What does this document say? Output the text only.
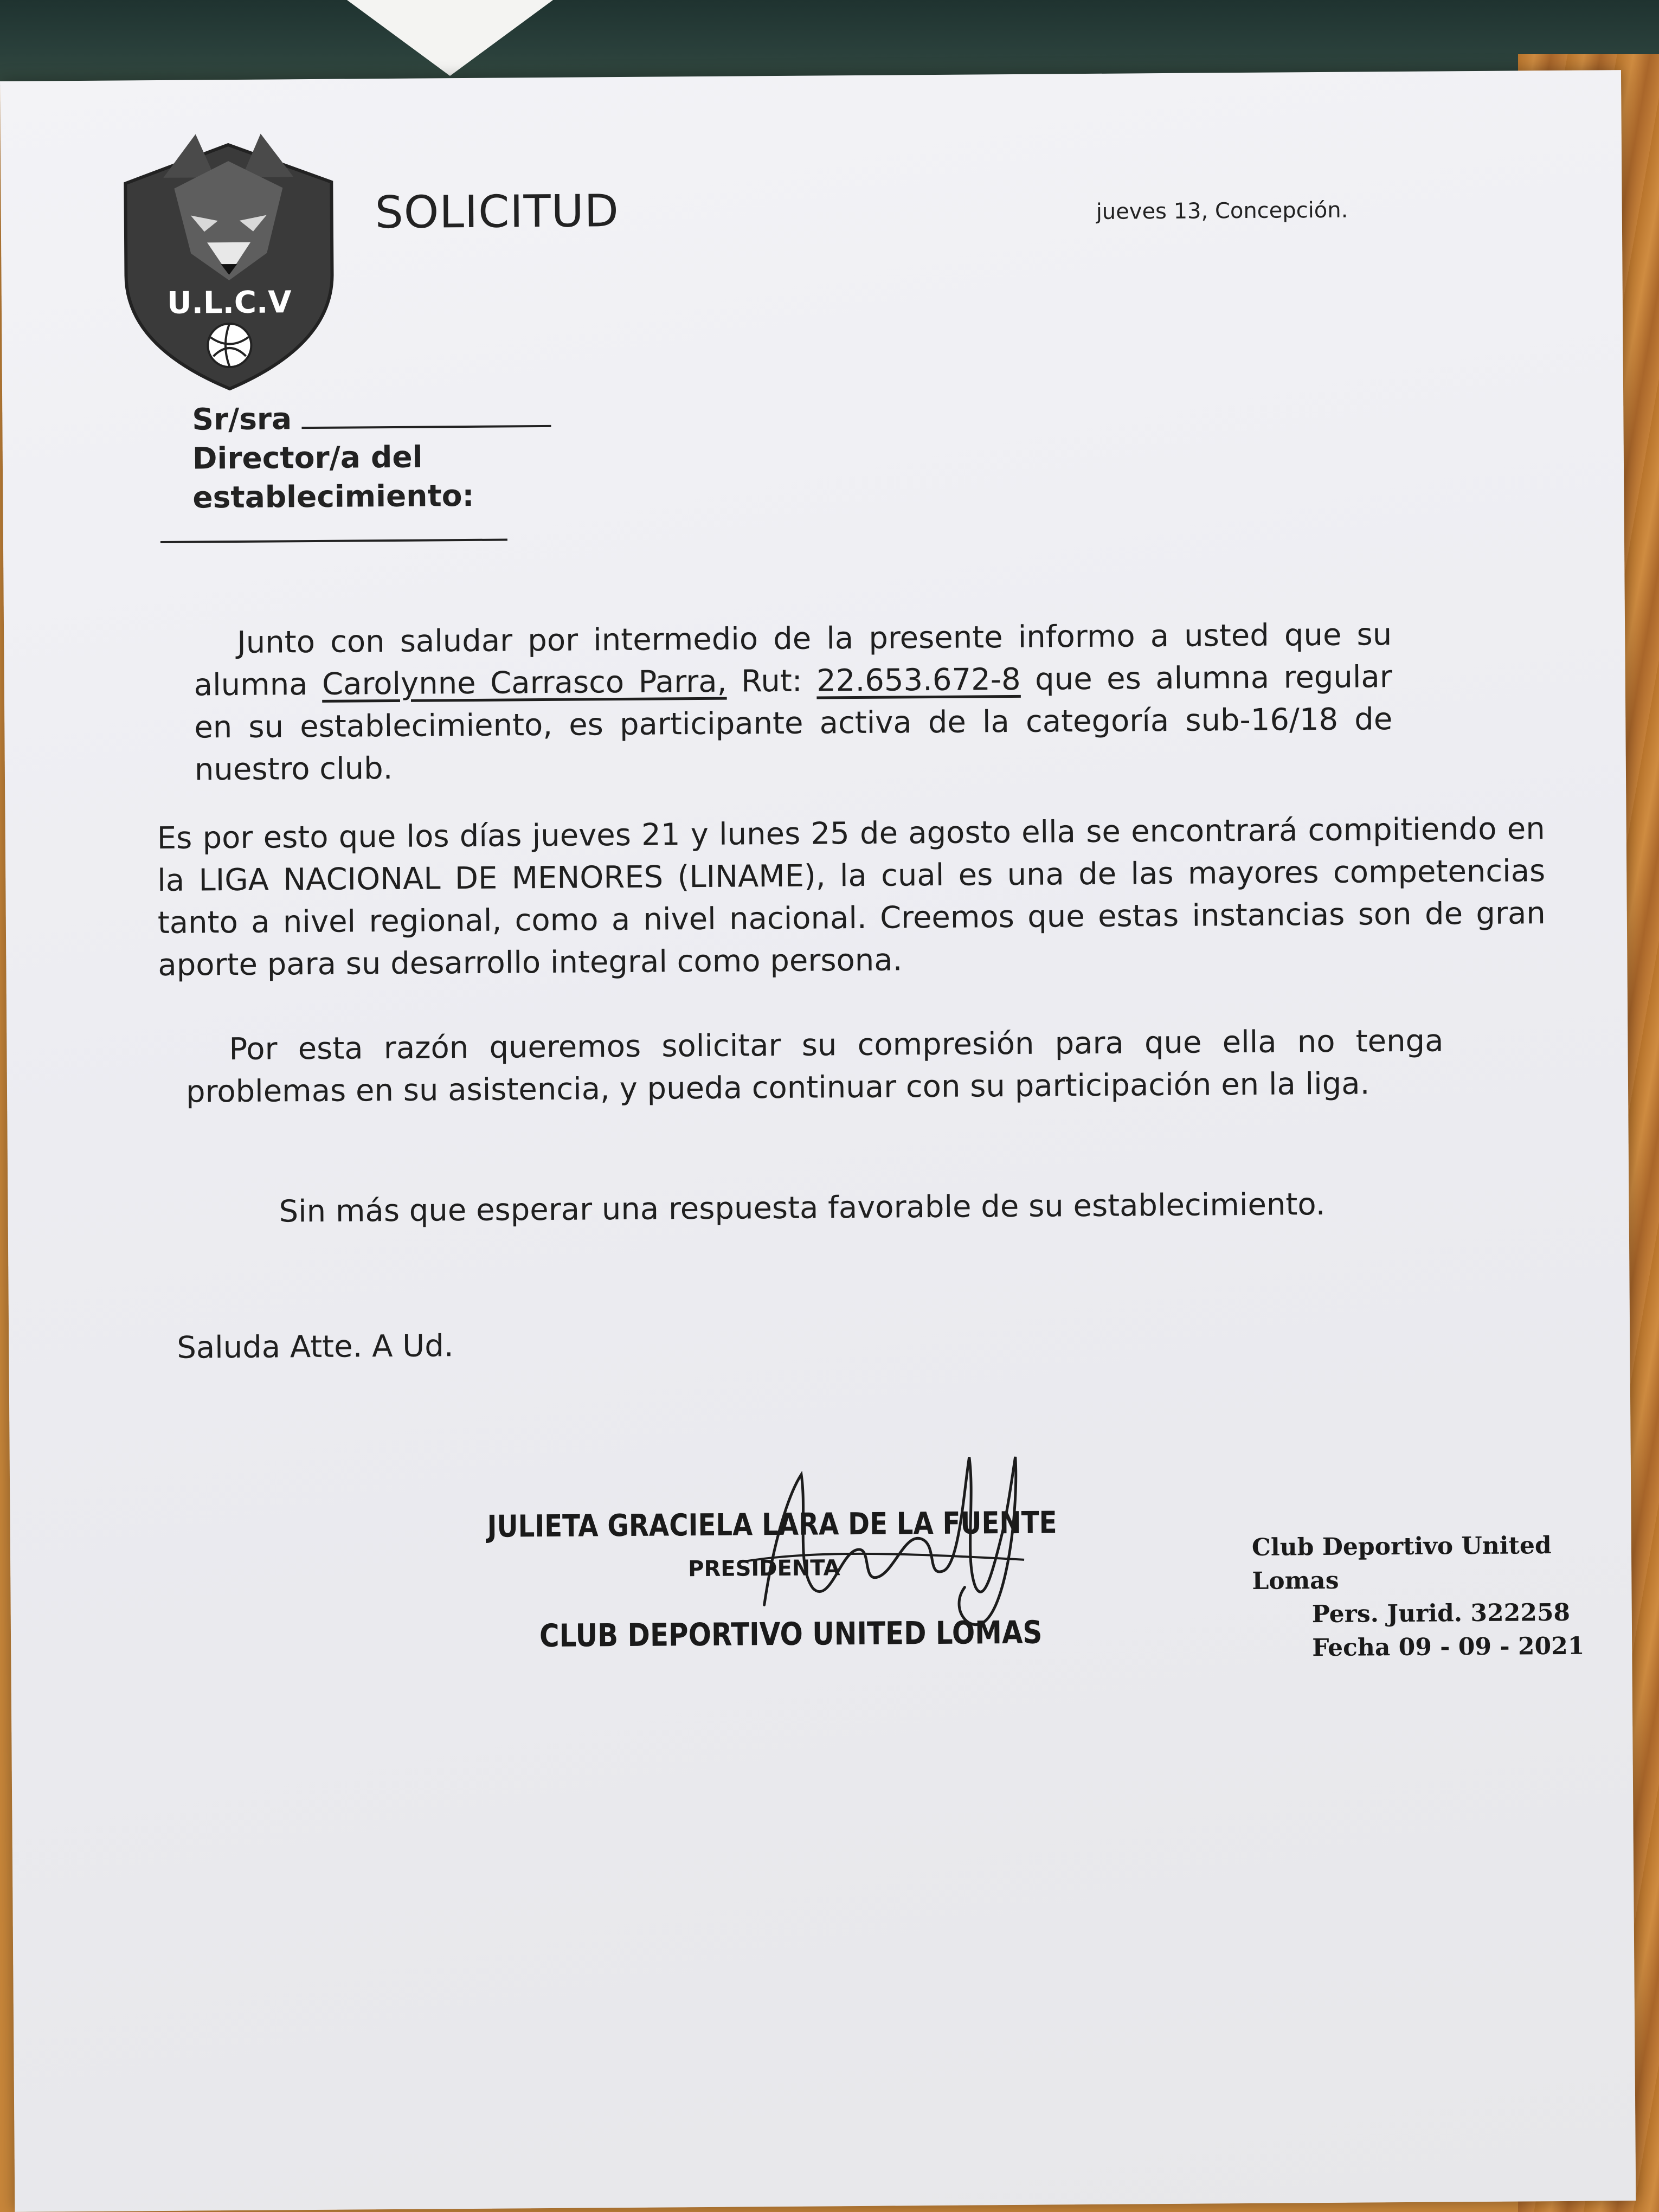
U.L.C.V
SOLICITUD	jueves 13, Concepción.
Sr/sra
Director/a del
establecimiento:
Junto con saludar por intermedio de la presente informo a usted que su alumna Carolynne Carrasco Parra, Rut: 22.653.672-8 que es alumna regular en su establecimiento, es participante activa de la categoría sub-16/18 de nuestro club.
Es por esto que los días jueves 21 y lunes 25 de agosto ella se encontrará compitiendo en la LIGA NACIONAL DE MENORES (LINAME), la cual es una de las mayores competencias tanto a nivel regional, como a nivel nacional. Creemos que estas instancias son de gran aporte para su desarrollo integral como persona.
Por esta razón queremos solicitar su compresión para que ella no tenga problemas en su asistencia, y pueda continuar con su participación en la liga.
Sin más que esperar una respuesta favorable de su establecimiento.
Saluda Atte. A Ud.
JULIETA GRACIELA LARA DE LA FUENTE
PRESIDENTA
CLUB DEPORTIVO UNITED LOMAS
Club Deportivo United Lomas
Pers. Jurid. 322258
Fecha 09 - 09 - 2021
